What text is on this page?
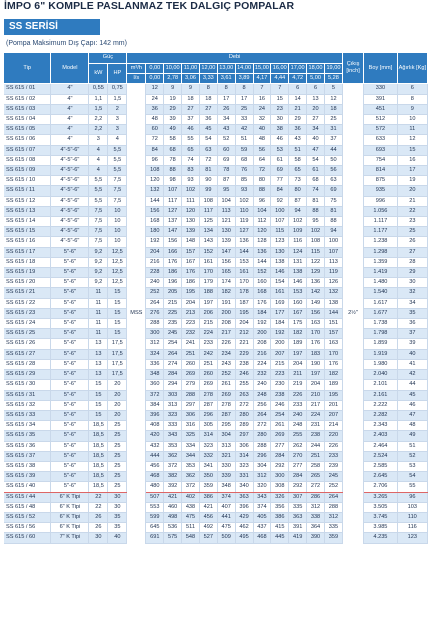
İMPO 6" KOMPLE PASLANMAZ TEK DALGIÇ POMPALAR
SS SERİSİ
(Pompa Maksimum Dış Çapı: 142 mm)
Tip	Model	Güç		Debi												Çıkış [inch]	Boy [mm]	Ağırlık [Kg]
		kW	HP	m³/h	0,00	10,00	11,00	12,00	13,00	14,00	15,00	16,00	17,00	18,00	19,00			
				l/s	0,00	2,78	3,06	3,33	3,61	3,89	4,17	4,44	4,72	5,00	5,28			
SS 615 / 01	4"	0,55	0,75	MSS	12	9	9	8	8	8	7	7	6	6	5	2½"	330	6
SS 615 / 02	4"	1,1	1,5		24	19	18	18	17	17	16	15	14	13	12		391	8
SS 615 / 03	4"	1,5	2		36	29	27	27	26	25	24	23	21	20	18		451	9
SS 615 / 04	4"	2,2	3		48	39	37	36	34	33	32	30	29	27	25		512	10
SS 615 / 05	4"	2,2	3		60	49	46	45	43	42	40	38	36	34	31		572	11
SS 615 / 06	4"	3	4		72	58	55	54	52	51	48	46	43	40	37		633	12
SS 615 / 07	4"-5"-6"	4	5,5		84	68	65	63	60	59	56	53	51	47	44		693	15
SS 615 / 08	4"-5"-6"	4	5,5		96	78	74	72	69	68	64	61	58	54	50		754	16
SS 615 / 09	4"-5"-6"	4	5,5		108	88	83	81	78	76	72	69	65	61	56		814	17
SS 615 / 10	4"-5"-6"	5,5	7,5		120	98	93	90	87	85	80	77	73	68	63		875	19
SS 615 / 11	4"-5"-6"	5,5	7,5		132	107	102	99	95	93	88	84	80	74	69		935	20
SS 615 / 12	4"-5"-6"	5,5	7,5		144	117	111	108	104	102	96	92	87	81	75		996	21
SS 615 / 13	4"-5"-6"	7,5	10		156	127	120	117	113	110	104	100	94	88	81		1.056	22
SS 615 / 14	4"-5"-6"	7,5	10		168	137	130	125	121	119	112	107	102	95	88		1.117	23
SS 615 / 15	4"-5"-6"	7,5	10		180	147	139	134	130	127	120	115	109	102	94		1.177	25
SS 615 / 16	4"-5"-6"	7,5	10		192	156	148	143	139	136	128	123	116	108	100		1.238	26
SS 615 / 17	5"-6"	9,2	12,5		204	166	157	152	147	144	136	130	124	115	107		1.298	27
SS 615 / 18	5"-6"	9,2	12,5		216	176	167	161	156	153	144	138	131	122	113		1.359	28
SS 615 / 19	5"-6"	9,2	12,5		228	186	176	170	165	161	152	146	138	129	119		1.419	29
SS 615 / 20	5"-6"	9,2	12,5		240	196	186	179	174	170	160	154	146	136	126		1.480	30
SS 615 / 21	5"-6"	11	15		252	205	195	188	182	178	168	161	153	142	132		1.540	32
SS 615 / 22	5"-6"	11	15		264	215	204	197	191	187	176	169	160	149	138		1.617	34
SS 615 / 23	5"-6"	11	15		276	225	213	206	200	195	184	177	167	156	144		1.677	35
SS 615 / 24	5"-6"	11	15		288	235	223	215	208	204	192	184	175	163	151		1.738	36
SS 615 / 25	5"-6"	11	15		300	245	232	224	217	212	200	192	182	170	157		1.798	37
SS 615 / 26	5"-6"	13	17,5		312	254	241	233	226	221	208	200	189	176	163		1.859	39
SS 615 / 27	5"-6"	13	17,5		324	264	251	242	234	229	216	207	197	183	170		1.919	40
SS 615 / 28	5"-6"	13	17,5		336	274	260	251	243	238	224	215	204	190	176		1.980	41
SS 615 / 29	5"-6"	13	17,5		348	284	269	260	252	246	232	223	211	197	182		2.040	42
SS 615 / 30	5"-6"	15	20		360	294	279	269	261	255	240	230	219	204	189		2.101	44
SS 615 / 31	5"-6"	15	20		372	303	288	278	269	263	248	238	226	210	195		2.161	45
SS 615 / 32	5"-6"	15	20		384	313	297	287	278	272	256	246	233	217	201		2.222	46
SS 615 / 33	5"-6"	15	20		396	323	306	296	287	280	264	254	240	224	207		2.282	47
SS 615 / 34	5"-6"	18,5	25		408	333	316	305	295	289	272	261	248	231	214		2.343	48
SS 615 / 35	5"-6"	18,5	25		420	343	325	314	304	297	280	269	255	238	220		2.403	49
SS 615 / 36	5"-6"	18,5	25		432	353	334	323	313	306	288	277	262	244	226		2.464	51
SS 615 / 37	5"-6"	18,5	25		444	362	344	332	321	314	296	284	270	251	233		2.524	52
SS 615 / 38	5"-6"	18,5	25		456	372	353	341	330	323	304	292	277	258	239		2.585	53
SS 615 / 39	5"-6"	18,5	25		468	382	362	350	339	331	312	300	284	265	245		2.645	54
SS 615 / 40	5"-6"	18,5	25		480	392	372	359	348	340	320	308	292	272	252		2.706	55
SS 615 / 44	6" K Tipi	22	30		507	421	402	386	374	363	343	326	307	286	264		3.265	96
SS 615 / 48	6" K Tipi	22	30		553	460	438	421	407	396	374	356	335	312	288		3.505	103
SS 615 / 52	6" K Tipi	26	35		599	498	475	456	441	429	405	386	363	338	312		3.745	110
SS 615 / 56	6" K Tipi	26	35		645	536	511	492	475	462	437	415	391	364	335		3.985	116
SS 615 / 60	7" K Tipi	30	40		691	575	548	527	509	495	468	445	419	390	359		4.235	123
